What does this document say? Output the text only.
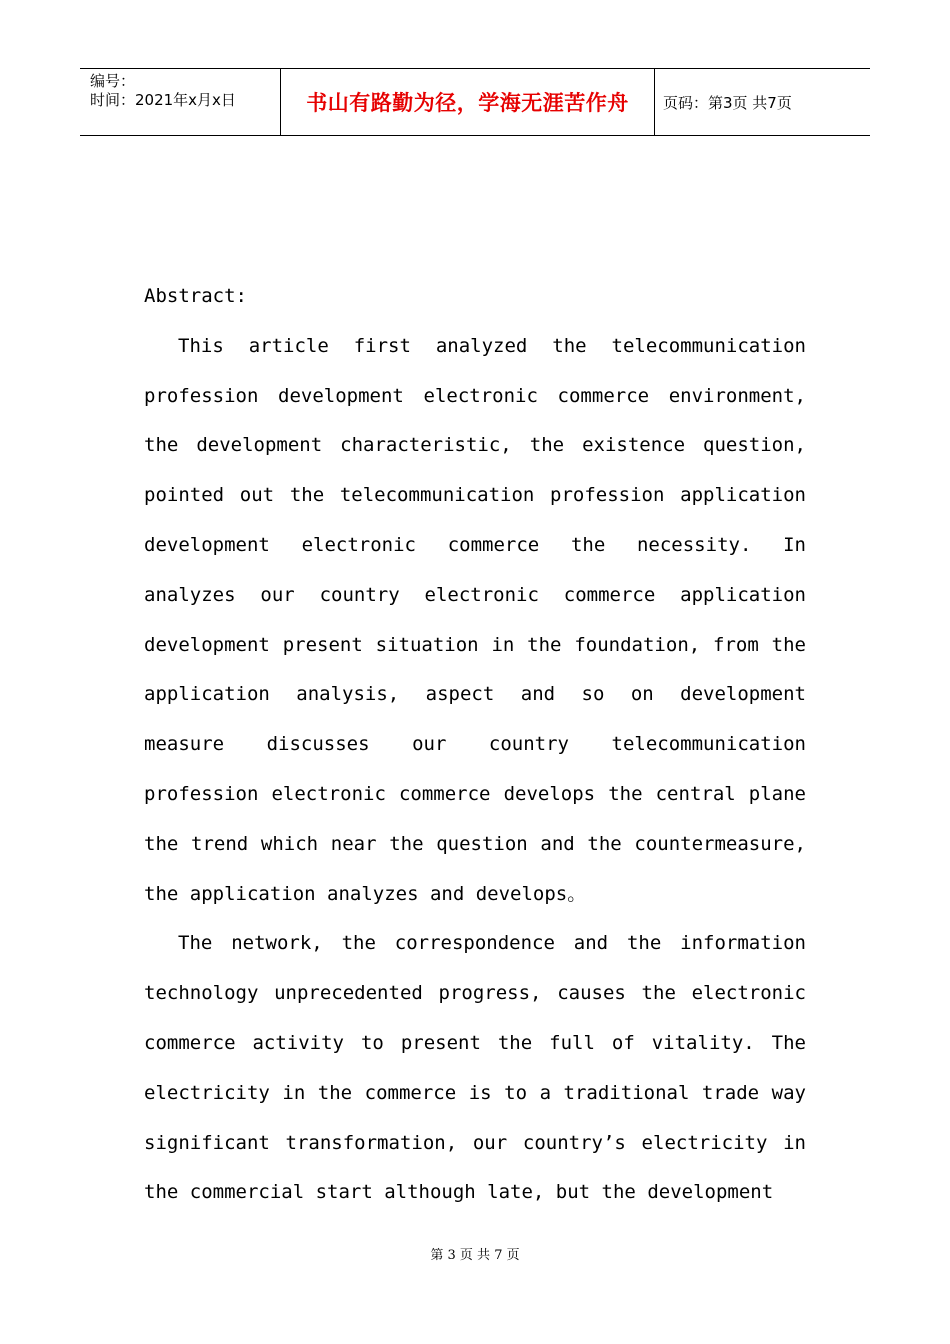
编号：
时间：2021年x月x日	书山有路勤为径，学海无涯苦作舟 页码：第3页 共7页
Abstract:

This article first analyzed the telecommunication profession development electronic commerce environment, the development characteristic, the existence question, pointed out the telecommunication profession application development electronic commerce the necessity. In analyzes our country electronic commerce application development present situation in the foundation, from the application analysis, aspect and so on development measure discusses our country telecommunication profession electronic commerce develops the central plane the trend which near the question and the countermeasure, the application analyzes and develops。

The network, the correspondence and the information technology unprecedented progress, causes the electronic commerce activity to present the full of vitality. The electricity in the commerce is to a traditional trade way significant transformation, our country’s electricity in the commercial start although late, but the development

第 3 页 共 7 页
